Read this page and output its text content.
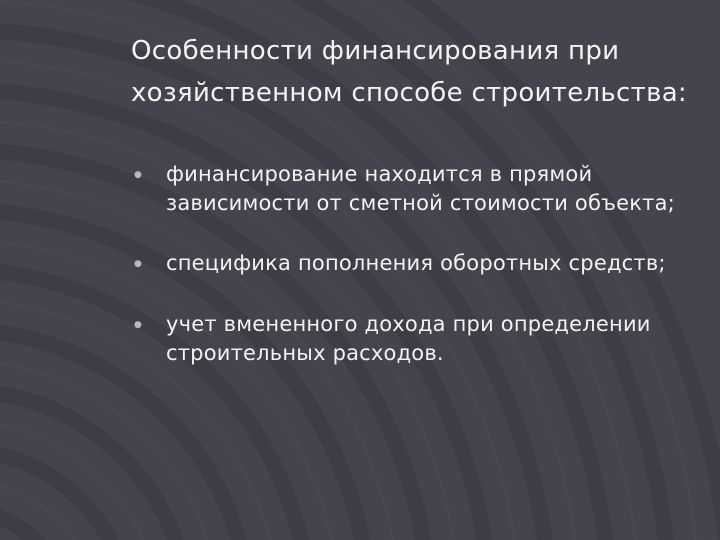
Особенности финансирования при хозяйственном способе строительства:
●	финансирование находится в прямой зависимости от сметной стоимости объекта;
●	специфика пополнения оборотных средств;
●	учет вмененного дохода при определении строительных расходов.
